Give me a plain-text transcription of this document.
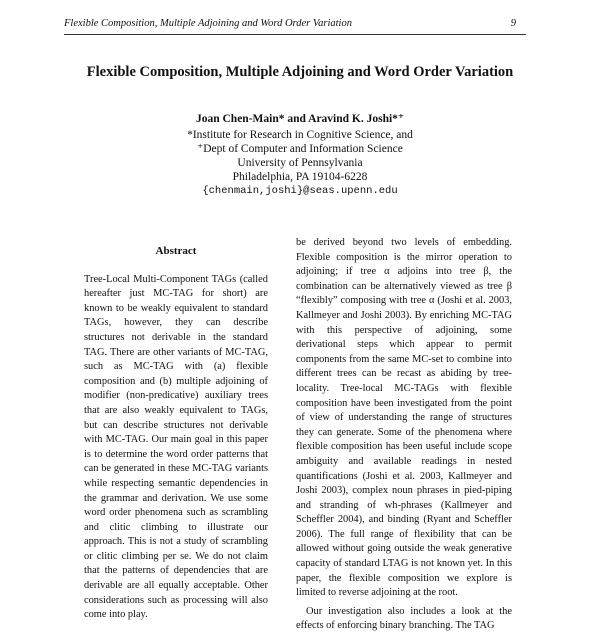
Flexible Composition, Multiple Adjoining and Word Order Variation	9
Flexible Composition, Multiple Adjoining and Word Order Variation
Joan Chen-Main* and Aravind K. Joshi*⁺
*Institute for Research in Cognitive Science, and
⁺Dept of Computer and Information Science
University of Pennsylvania
Philadelphia, PA 19104-6228
{chenmain,joshi}@seas.upenn.edu
Abstract

Tree-Local Multi-Component TAGs (called hereafter just MC-TAG for short) are known to be weakly equivalent to standard TAGs, however, they can describe structures not derivable in the standard TAG. There are other variants of MC-TAG, such as MC-TAG with (a) flexible composition and (b) multiple adjoining of modifier (non-predicative) auxiliary trees that are also weakly equivalent to TAGs, but can describe structures not derivable with MC-TAG. Our main goal in this paper is to determine the word order patterns that can be generated in these MC-TAG variants while respecting semantic dependencies in the grammar and derivation. We use some word order phenomena such as scrambling and clitic climbing to illustrate our approach. This is not a study of scrambling or clitic climbing per se. We do not claim that the patterns of dependencies that are derivable are all equally acceptable. Other considerations such as processing will also come into play.

be derived beyond two levels of embedding. Flexible composition is the mirror operation to adjoining; if tree α adjoins into tree β, the combination can be alternatively viewed as tree β “flexibly” composing with tree α (Joshi et al. 2003, Kallmeyer and Joshi 2003). By enriching MC-TAG with this perspective of adjoining, some derivational steps which appear to permit components from the same MC-set to combine into different trees can be recast as abiding by tree-locality. Tree-local MC-TAGs with flexible composition have been investigated from the point of view of understanding the range of structures they can generate. Some of the phenomena where flexible composition has been useful include scope ambiguity and available readings in nested quantifications (Joshi et al. 2003, Kallmeyer and Joshi 2003), complex noun phrases in pied-piping and stranding of wh-phrases (Kallmeyer and Scheffler 2004), and binding (Ryant and Scheffler 2006). The full range of flexibility that can be allowed without going outside the weak generative capacity of standard LTAG is not known yet. In this paper, the flexible composition we explore is limited to reverse adjoining at the root.

Our investigation also includes a look at the effects of enforcing binary branching. The TAG
